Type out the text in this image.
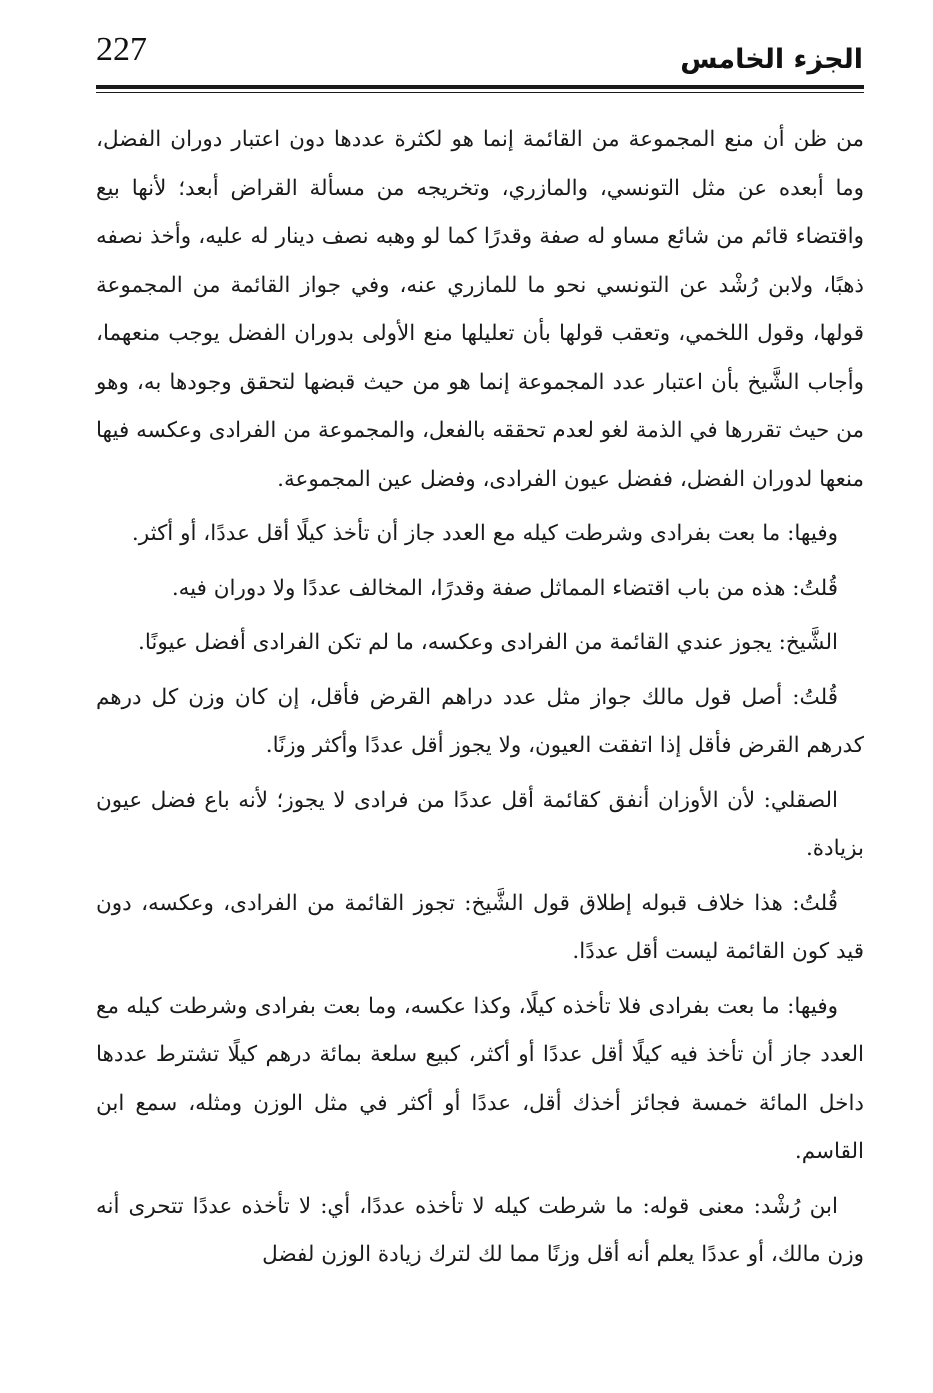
227	الجزء الخامس

من ظن أن منع المجموعة من القائمة إنما هو لكثرة عددها دون اعتبار دوران الفضل، وما أبعده عن مثل التونسي، والمازري، وتخريجه من مسألة القراض أبعد؛ لأنها بيع واقتضاء قائم من شائع مساو له صفة وقدرًا كما لو وهبه نصف دينار له عليه، وأخذ نصفه ذهبًا، ولابن رُشْد عن التونسي نحو ما للمازري عنه، وفي جواز القائمة من المجموعة قولها، وقول اللخمي، وتعقب قولها بأن تعليلها منع الأولى بدوران الفضل يوجب منعهما، وأجاب الشَّيخ بأن اعتبار عدد المجموعة إنما هو من حيث قبضها لتحقق وجودها به، وهو من حيث تقررها في الذمة لغو لعدم تحققه بالفعل، والمجموعة من الفرادى وعكسه فيها منعها لدوران الفضل، ففضل عيون الفرادى، وفضل عين المجموعة.

وفيها: ما بعت بفرادى وشرطت كيله مع العدد جاز أن تأخذ كيلًا أقل عددًا، أو أكثر.

قُلتُ: هذه من باب اقتضاء المماثل صفة وقدرًا، المخالف عددًا ولا دوران فيه.

الشَّيخ: يجوز عندي القائمة من الفرادى وعكسه، ما لم تكن الفرادى أفضل عيونًا.

قُلتُ: أصل قول مالك جواز مثل عدد دراهم القرض فأقل، إن كان وزن كل درهم كدرهم القرض فأقل إذا اتفقت العيون، ولا يجوز أقل عددًا وأكثر وزنًا.

الصقلي: لأن الأوزان أنفق كقائمة أقل عددًا من فرادى لا يجوز؛ لأنه باع فضل عيون بزيادة.

قُلتُ: هذا خلاف قبوله إطلاق قول الشَّيخ: تجوز القائمة من الفرادى، وعكسه، دون قيد كون القائمة ليست أقل عددًا.

وفيها: ما بعت بفرادى فلا تأخذه كيلًا، وكذا عكسه، وما بعت بفرادى وشرطت كيله مع العدد جاز أن تأخذ فيه كيلًا أقل عددًا أو أكثر، كبيع سلعة بمائة درهم كيلًا تشترط عددها داخل المائة خمسة فجائز أخذك أقل، عددًا أو أكثر في مثل الوزن ومثله، سمع ابن القاسم.

ابن رُشْد: معنى قوله: ما شرطت كيله لا تأخذه عددًا، أي: لا تأخذه عددًا تتحرى أنه وزن مالك، أو عددًا يعلم أنه أقل وزنًا مما لك لترك زيادة الوزن لفضل
